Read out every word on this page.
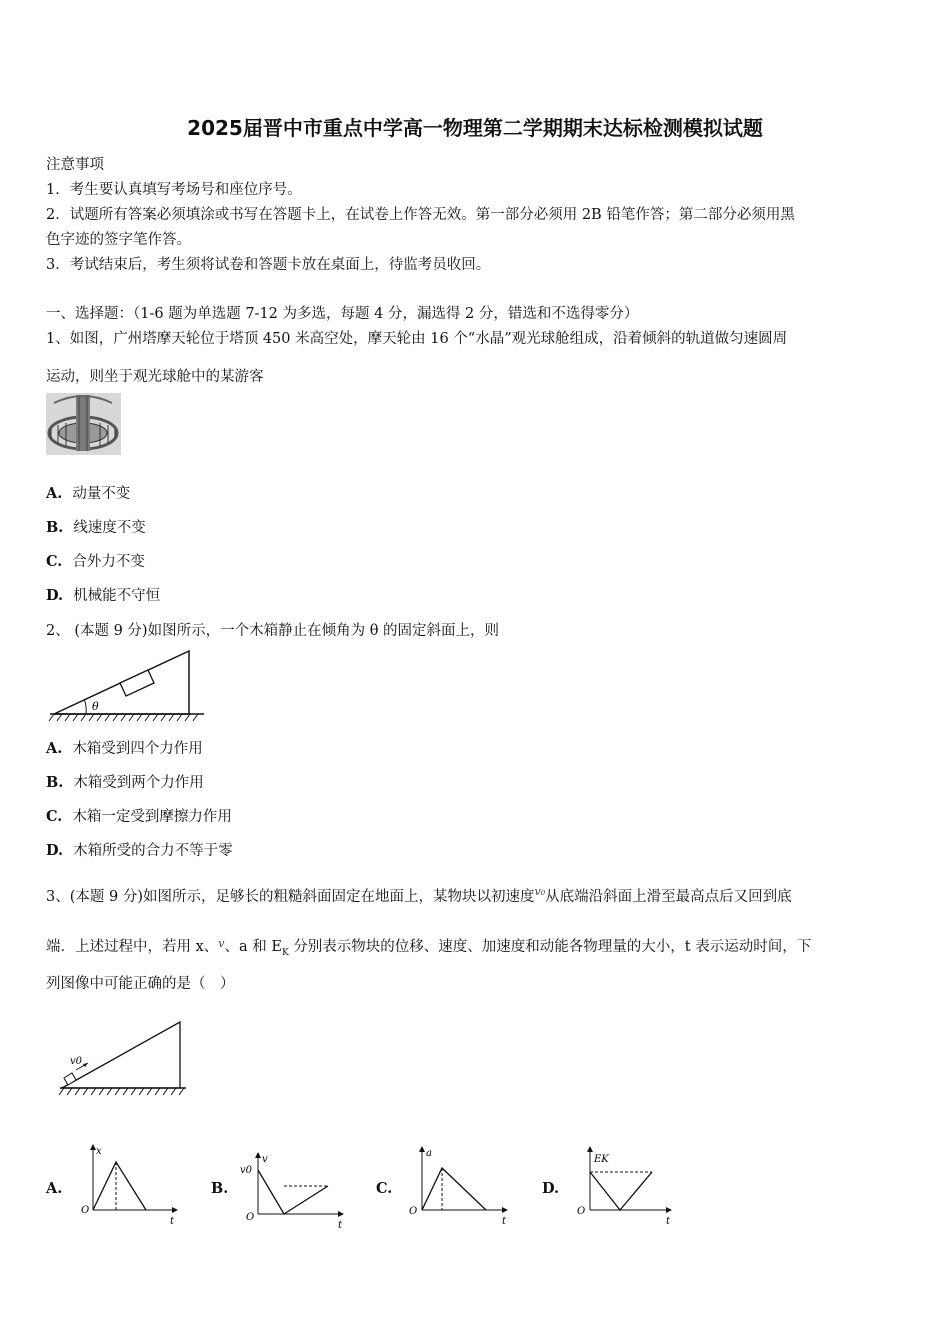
2025届晋中市重点中学高一物理第二学期期末达标检测模拟试题
注意事项
1．考生要认真填写考场号和座位序号。
2．试题所有答案必须填涂或书写在答题卡上，在试卷上作答无效。第一部分必须用 2B 铅笔作答；第二部分必须用黑
色字迹的签字笔作答。
3．考试结束后，考生须将试卷和答题卡放在桌面上，待监考员收回。
一、选择题：（1-6 题为单选题 7-12 为多选，每题 4 分，漏选得 2 分，错选和不选得零分）
1、如图，广州塔摩天轮位于塔顶 450 米高空处，摩天轮由 16 个“水晶”观光球舱组成，沿着倾斜的轨道做匀速圆周
运动，则坐于观光球舱中的某游客
A. 动量不变
B. 线速度不变
C. 合外力不变
D. 机械能不守恒
2、 (本题 9 分)如图所示，一个木箱静止在倾角为 θ 的固定斜面上，则
θ
A. 木箱受到四个力作用
B. 木箱受到两个力作用
C. 木箱一定受到摩擦力作用
D. 木箱所受的合力不等于零
3、(本题 9 分)如图所示，足够长的粗糙斜面固定在地面上，某物块以初速度$^{v_0}$从底端沿斜面上滑至最高点后又回到底
端．上述过程中，若用 x、$^v$、a 和 $E_K$ 分别表示物块的位移、速度、加速度和动能各物理量的大小，t 表示运动时间，下
列图像中可能正确的是（　）
v0
A.
x
O
t
B.
v
v0
O
t
C.
a
O
t
D.
EK
O
t
